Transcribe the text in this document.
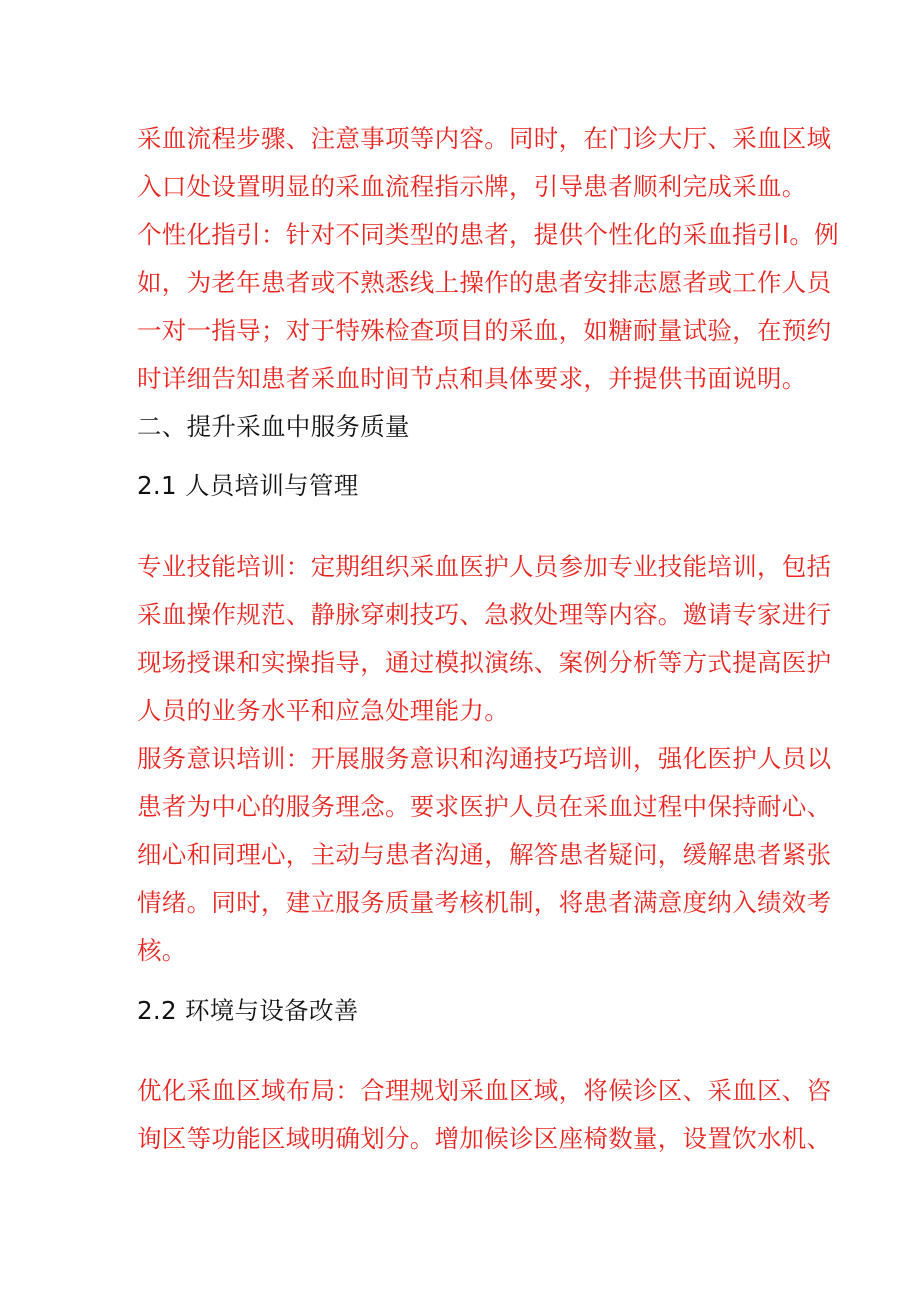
采血流程步骤、注意事项等内容。同时，在门诊大厅、采血区域
入口处设置明显的采血流程指示牌，引导患者顺利完成采血。
个性化指引：针对不同类型的患者，提供个性化的采血指引I。例
如，为老年患者或不熟悉线上操作的患者安排志愿者或工作人员
一对一指导；对于特殊检查项目的采血，如糖耐量试验，在预约
时详细告知患者采血时间节点和具体要求，并提供书面说明。
二、提升采血中服务质量
2.1 人员培训与管理
专业技能培训：定期组织采血医护人员参加专业技能培训，包括
采血操作规范、静脉穿刺技巧、急救处理等内容。邀请专家进行
现场授课和实操指导，通过模拟演练、案例分析等方式提高医护
人员的业务水平和应急处理能力。
服务意识培训：开展服务意识和沟通技巧培训，强化医护人员以
患者为中心的服务理念。要求医护人员在采血过程中保持耐心、
细心和同理心，主动与患者沟通，解答患者疑问，缓解患者紧张
情绪。同时，建立服务质量考核机制，将患者满意度纳入绩效考
核。
2.2 环境与设备改善
优化采血区域布局：合理规划采血区域，将候诊区、采血区、咨
询区等功能区域明确划分。增加候诊区座椅数量，设置饮水机、
